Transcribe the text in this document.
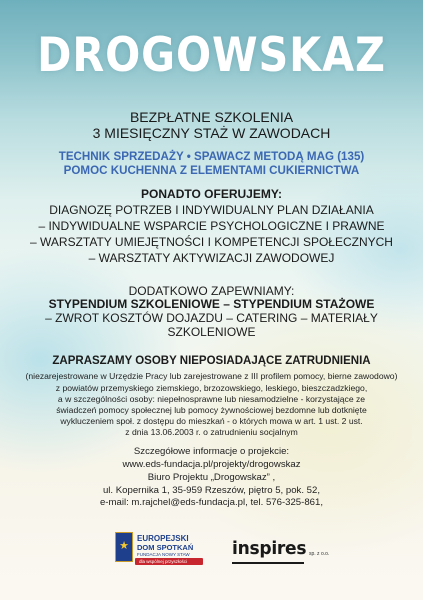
DROGOWSKAZ
BEZPŁATNE SZKOLENIA
3 MIESIĘCZNY STAŻ W ZAWODACH
TECHNIK SPRZEDAŻY • SPAWACZ METODĄ MAG (135)
POMOC KUCHENNA Z ELEMENTAMI CUKIERNICTWA
PONADTO OFERUJEMY:
DIAGNOZĘ POTRZEB I INDYWIDUALNY PLAN DZIAŁANIA
– INDYWIDUALNE WSPARCIE PSYCHOLOGICZNE I PRAWNE
– WARSZTATY UMIEJĘTNOŚCI I KOMPETENCJI SPOŁECZNYCH
– WARSZTATY AKTYWIZACJI ZAWODOWEJ
DODATKOWO ZAPEWNIAMY:
STYPENDIUM SZKOLENIOWE – STYPENDIUM STAŻOWE
– ZWROT KOSZTÓW DOJAZDU – CATERING – MATERIAŁY
SZKOLENIOWE
ZAPRASZAMY OSOBY NIEPOSIADAJĄCE ZATRUDNIENIA
(niezarejestrowane w Urzędzie Pracy lub zarejestrowane z III profilem pomocy, bierne zawodowo)
z powiatów przemyskiego ziemskiego, brzozowskiego, leskiego, bieszczadzkiego,
a w szczególności osoby: niepełnosprawne lub niesamodzielne - korzystające ze
świadczeń pomocy społecznej lub pomocy żywnościowej bezdomne lub dotknięte
wykluczeniem społ. z dostępu do mieszkań - o których mowa w art. 1 ust. 2 ust.
z dnia 13.06.2003 r. o zatrudnieniu socjalnym
Szczegółowe informacje o projekcie:
www.eds-fundacja.pl/projekty/drogowskaz
Biuro Projektu „Drogowskaz” ,
ul. Kopernika 1, 35-959 Rzeszów, piętro 5, pok. 52,
e-mail: m.rajchel@eds-fundacja.pl, tel. 576-325-861,
★
EUROPEJSKI
DOM SPOTKAŃ
FUNDACJA NOWY STAW
dla wspólnej przyszłości
inspires sp. z o.o.
